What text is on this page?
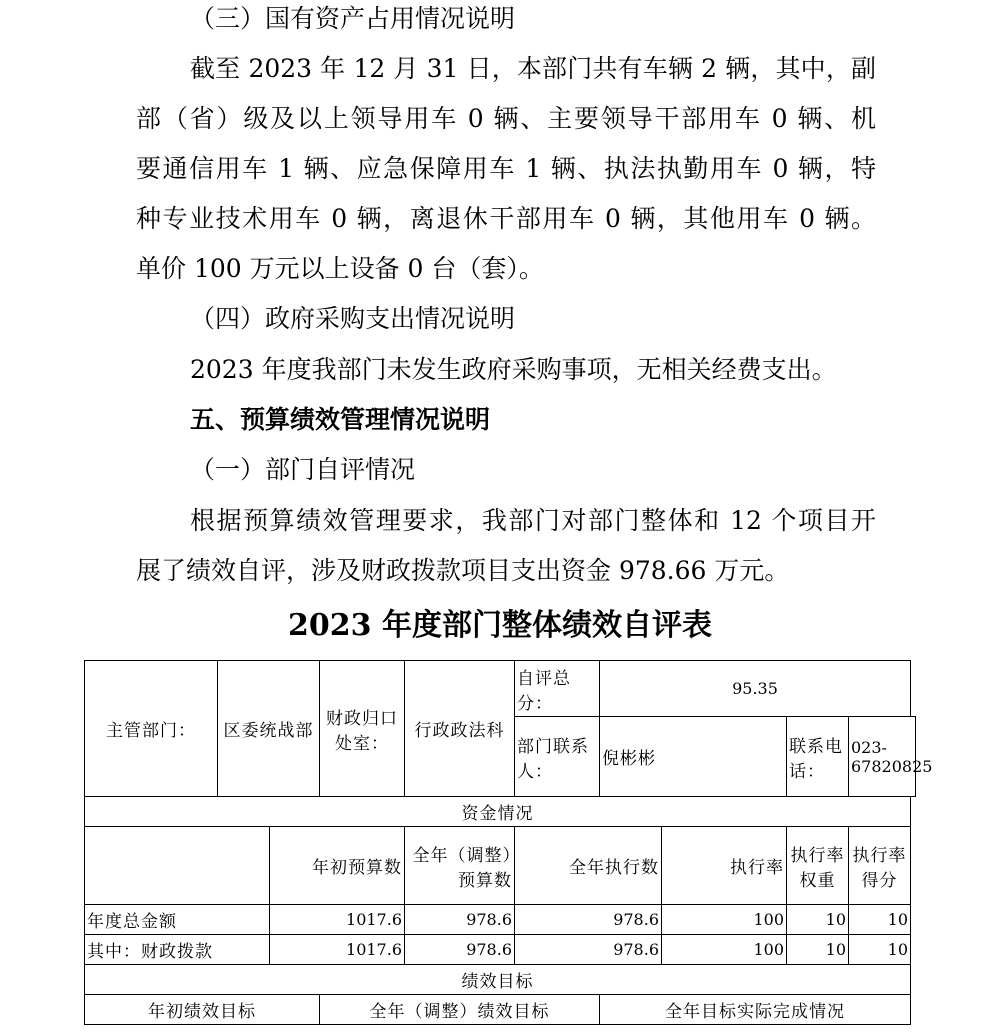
（三）国有资产占用情况说明
截至 2023 年 12 月 31 日，本部门共有车辆 2 辆，其中，副
部（省）级及以上领导用车 0 辆、主要领导干部用车 0 辆、机
要通信用车 1 辆、应急保障用车 1 辆、执法执勤用车 0 辆，特
种专业技术用车 0 辆，离退休干部用车 0 辆，其他用车 0 辆。
单价 100 万元以上设备 0 台（套）。
（四）政府采购支出情况说明
2023 年度我部门未发生政府采购事项，无相关经费支出。
五、预算绩效管理情况说明
（一）部门自评情况
根据预算绩效管理要求，我部门对部门整体和 12 个项目开
展了绩效自评，涉及财政拨款项目支出资金 978.66 万元。
2023 年度部门整体绩效自评表
主管部门：	区委统战部		财政归口处室：	行政政法科	自评总分：	95.35			
					部门联系人：	倪彬彬		联系电话：	023-67820825
资金情况									
		年初预算数		全年（调整）预算数	全年执行数		执行率	执行率权重	执行率得分
年度总金额		1017.6		978.6	978.6		100	10	10
其中：财政拨款		1017.6		978.6	978.6		100	10	10
绩效目标									
年初绩效目标			全年（调整）绩效目标			全年目标实际完成情况			
